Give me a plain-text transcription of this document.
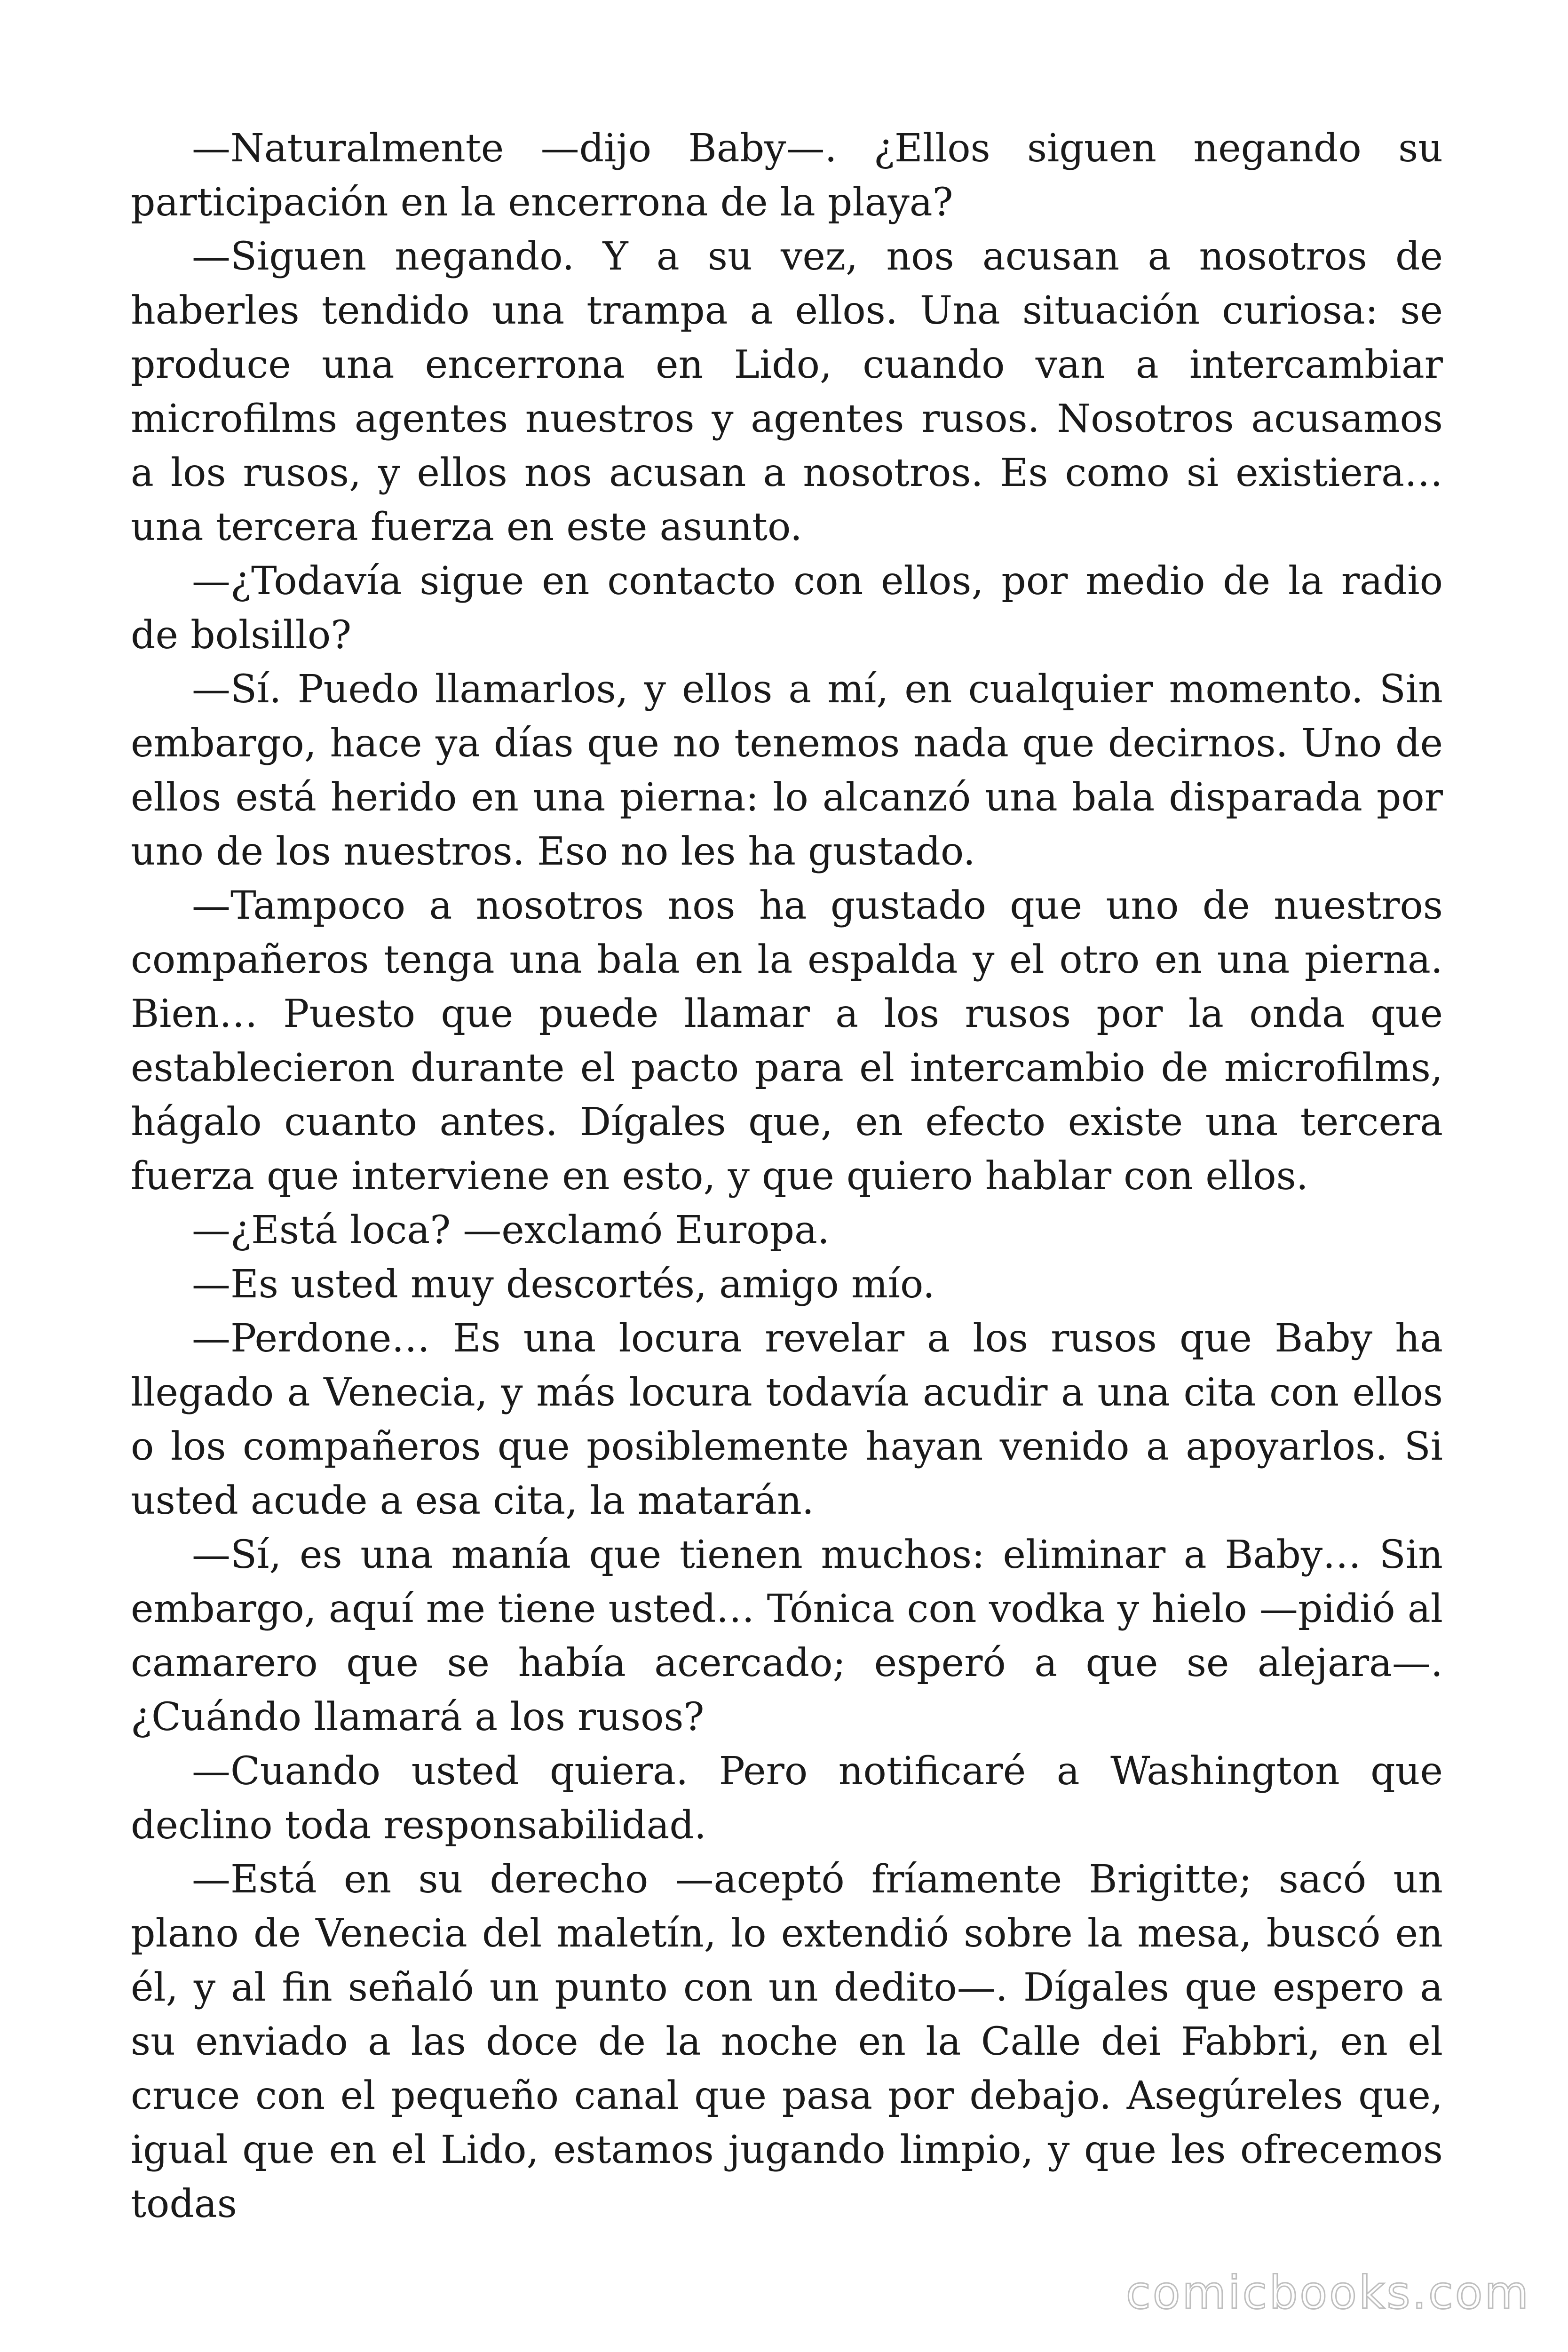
—Naturalmente —dijo Baby—. ¿Ellos siguen negando su participación en la encerrona de la playa?

—Siguen negando. Y a su vez, nos acusan a nosotros de haberles tendido una trampa a ellos. Una situación curiosa: se produce una encerrona en Lido, cuando van a intercambiar microfilms agentes nuestros y agentes rusos. Nosotros acusamos a los rusos, y ellos nos acusan a nosotros. Es como si existiera… una tercera fuerza en este asunto.

—¿Todavía sigue en contacto con ellos, por medio de la radio de bolsillo?

—Sí. Puedo llamarlos, y ellos a mí, en cualquier momento. Sin embargo, hace ya días que no tenemos nada que decirnos. Uno de ellos está herido en una pierna: lo alcanzó una bala disparada por uno de los nuestros. Eso no les ha gustado.

—Tampoco a nosotros nos ha gustado que uno de nuestros compañeros tenga una bala en la espalda y el otro en una pierna. Bien… Puesto que puede llamar a los rusos por la onda que establecieron durante el pacto para el intercambio de microfilms, hágalo cuanto antes. Dígales que, en efecto existe una tercera fuerza que interviene en esto, y que quiero hablar con ellos.

—¿Está loca? —exclamó Europa.

—Es usted muy descortés, amigo mío.

—Perdone… Es una locura revelar a los rusos que Baby ha llegado a Venecia, y más locura todavía acudir a una cita con ellos o los compañeros que posiblemente hayan venido a apoyarlos. Si usted acude a esa cita, la matarán.

—Sí, es una manía que tienen muchos: eliminar a Baby… Sin embargo, aquí me tiene usted… Tónica con vodka y hielo —pidió al camarero que se había acercado; esperó a que se alejara—. ¿Cuándo llamará a los rusos?

—Cuando usted quiera. Pero notificaré a Washington que declino toda responsabilidad.

—Está en su derecho —aceptó fríamente Brigitte; sacó un plano de Venecia del maletín, lo extendió sobre la mesa, buscó en él, y al fin señaló un punto con un dedito—. Dígales que espero a su enviado a las doce de la noche en la Calle dei Fabbri, en el cruce con el pequeño canal que pasa por debajo. Asegúreles que, igual que en el Lido, estamos jugando limpio, y que les ofrecemos todas

comicbooks.com
